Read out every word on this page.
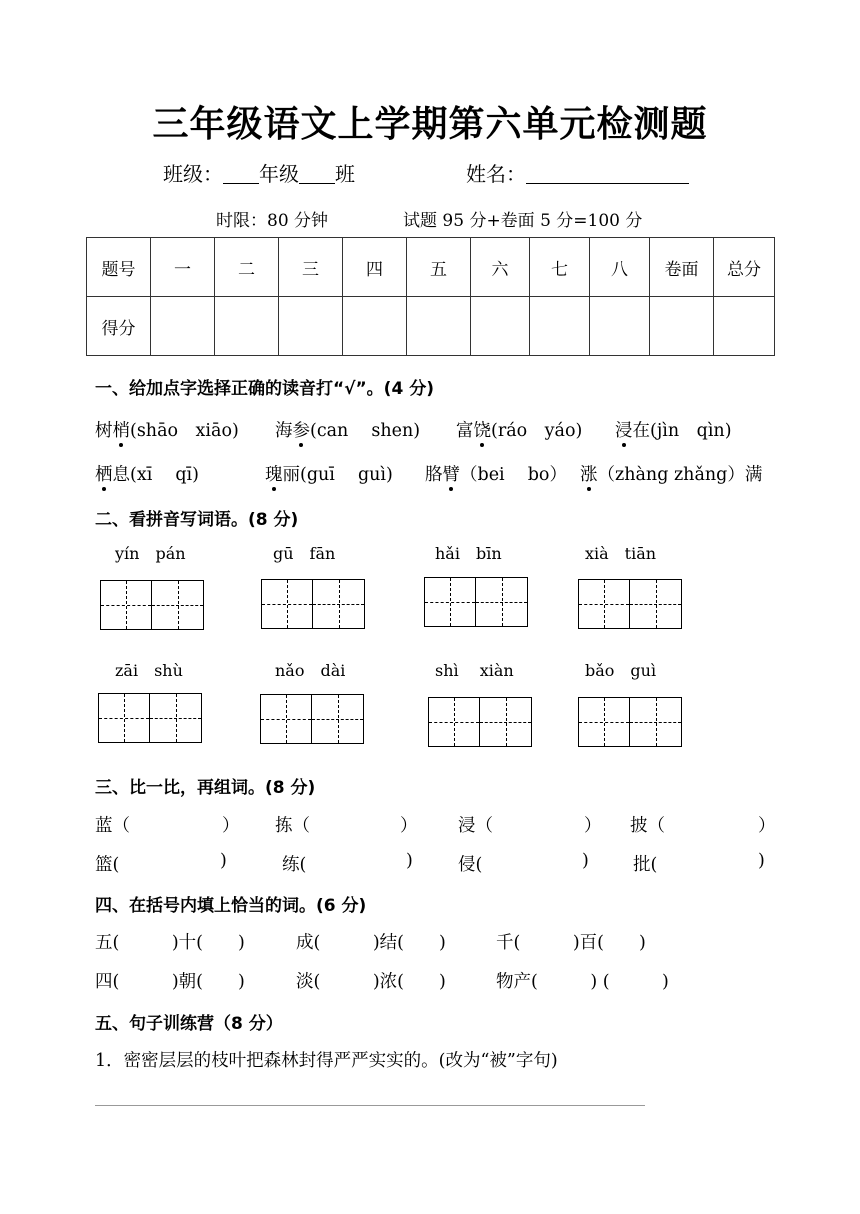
三年级语文上学期第六单元检测题
班级： 年级 班	姓名：
时限：80 分钟	试题 95 分+卷面 5 分=100 分
题号	一	二	三	四	五	六	七	八	卷面	总分
得分										
一、给加点字选择正确的读音打“√”。(4 分)
树梢(shāo　xiāo) 海参(can　 shen) 富饶(ráo　yáo) 浸在(jìn　qìn)
栖息(xī　 qī)	瑰丽(guī　 guì) 胳臂（bei　 bo） 涨（zhàng zhǎng）满
二、看拼音写词语。(8 分)
yín　pán	gū　fān	hǎi　bīn	xià　tiān
zāi　shù	nǎo　dài	shì　 xiàn	bǎo　guì
三、比一比，再组词。(8 分)
蓝（	） 拣（	） 浸（	） 披（	）
篮(	)	练(	)	侵(	)	批(	)
四、在括号内填上恰当的词。(6 分)
五(　　　)十(　　)	成(　　　)结(　　)	千(　　　)百(　　)
四(　　　)朝(　　)	淡(　　　)浓(　　)	物产(　　　) (　　　)
五、句子训练营（8 分）
1．密密层层的枝叶把森林封得严严实实的。(改为“被”字句)
